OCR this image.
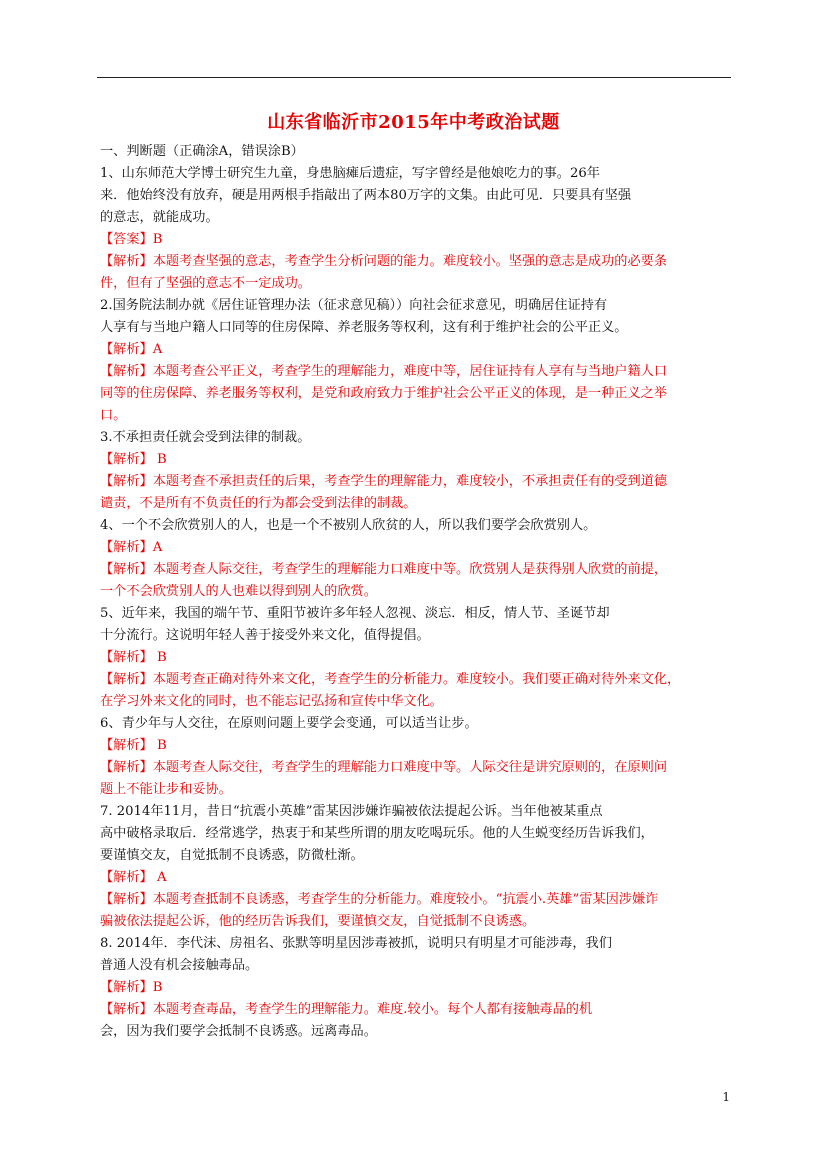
山东省临沂市2015年中考政治试题
一、判断题（正确涂A，错误涂B）
1、山东师范大学博士研究生九童，身患脑瘫后遗症，写字曾经是他娘吃力的事。26年
来．他始终没有放弃，硬是用两根手指敲出了两本80万字的文集。由此可见．只要具有坚强
的意志，就能成功。
【答案】B
【解析】本题考查坚强的意志，考查学生分析问题的能力。难度较小。坚强的意志是成功的必要条
件，但有了坚强的意志不一定成功。
2.国务院法制办就《居住证管理办法（征求意见稿））向社会征求意见，明确居住证持有
人享有与当地户籍人口同等的住房保障、养老服务等权利，这有利于维护社会的公平正义。
【解析】A
【解析】本题考查公平正义，考查学生的理解能力，难度中等，居住证持有人享有与当地户籍人口
同等的住房保障、养老服务等权利，是党和政府致力于维护社会公平正义的体现，是一种正义之举
口。
3.不承担责任就会受到法律的制裁。
【解析】 B
【解析】本题考查不承担责任的后果，考查学生的理解能力，难度较小，不承担责任有的受到道德
谴责，不是所有不负责任的行为都会受到法律的制裁。
4、一个不会欣赏别人的人，也是一个不被别人欣贫的人，所以我们要学会欣赏别人。
【解析】A
【解析】本题考查人际交往，考查学生的理解能力口难度中等。欣赏别人是获得别人欣赏的前提，
一个不会欣赏别人的人也难以得到别人的欣赏。
5、近年来，我国的端午节、重阳节被许多年轻人忽视、淡忘．相反，情人节、圣诞节却
十分流行。这说明年轻人善于接受外来文化，值得提倡。
【解析】 B
【解析】本题考查正确对待外来文化，考查学生的分析能力。难度较小。我们要正确对待外来文化，
在学习外来文化的同时，也不能忘记弘扬和宣传中华文化。
6、青少年与人交往，在原则问题上要学会变通，可以适当让步。
【解析】 B
【解析】本题考查人际交往，考查学生的理解能力口难度中等。人际交往是讲究原则的，在原则问
题上不能让步和妥协。
7. 2014年11月，昔日“抗震小英雄”雷某因涉嫌诈骗被依法提起公诉。当年他被某重点
高中破格录取后．经常逃学，热衷于和某些所谓的朋友吃喝玩乐。他的人生蜕变经历告诉我们，
要谨慎交友，自觉抵制不良诱惑，防微杜渐。
【解析】 A
【解析】本题考查抵制不良诱惑，考查学生的分析能力。难度较小。“抗震小.英雄”雷某因涉嫌诈
骗被依法提起公诉，他的经历告诉我们，要谨慎交友，自觉抵制不良诱惑。
8. 2014年．李代沫、房祖名、张默等明星因涉毒被抓，说明只有明星才可能涉毒，我们
普通人没有机会接触毒品。
【解析】B
【解析】本题考查毒品，考查学生的理解能力。难度.较小。每个人都有接触毒品的机
会，因为我们要学会抵制不良诱惑。远离毒品。
1
